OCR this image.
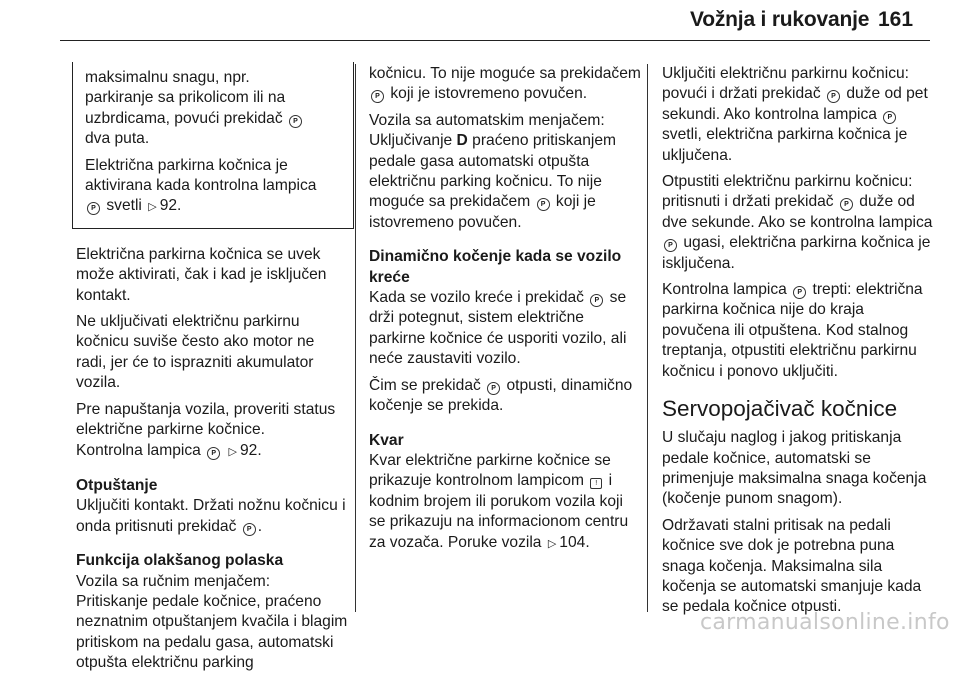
Vožnja i rukovanje 161

maksimalnu snagu, npr.
parkiranje sa prikolicom ili na
uzbrdicama, povući prekidač P
dva puta.

Električna parkirna kočnica je aktivirana kada kontrolna lampica
P svetli ▷ 92.

Električna parkirna kočnica se uvek može aktivirati, čak i kad je isključen kontakt.

Ne uključivati električnu parkirnu kočnicu suviše često ako motor ne radi, jer će to isprazniti akumulator vozila.

Pre napuštanja vozila, proveriti status električne parkirne kočnice.
Kontrolna lampica P ▷	92.

Otpuštanje

Uključiti kontakt. Držati nožnu kočnicu i onda pritisnuti prekidač P .

Funkcija olakšanog polaska

Vozila sa ručnim menjačem:

Pritiskanje pedale kočnice, praćeno neznatnim otpuštanjem kvačila i blagim pritiskom na pedalu gasa, automatski otpušta električnu parking

kočnicu. To nije moguće sa prekidačem P koji je istovremeno povučen.

Vozila sa automatskim menjačem: Uključivanje D praćeno pritiskanjem pedale gasa automatski otpušta električnu parking kočnicu. To nije moguće sa prekidačem P koji je istovremeno povučen.

Dinamično kočenje kada se vozilo kreće

Kada se vozilo kreće i prekidač P se drži potegnut, sistem električne parkirne kočnice će usporiti vozilo, ali neće zaustaviti vozilo.

Čim se prekidač P otpusti, dinamično kočenje se prekida.

Kvar

Kvar električne parkirne kočnice se prikazuje kontrolnom lampicom ! i kodnim brojem ili porukom vozila koji se prikazuju na informacionom centru za vozača. Poruke vozila ▷ 104.

Uključiti električnu parkirnu kočnicu: povući i držati prekidač P duže od pet sekundi. Ako kontrolna lampica P svetli, električna parkirna kočnica je uključena.

Otpustiti električnu parkirnu kočnicu: pritisnuti i držati prekidač P duže od dve sekunde. Ako se kontrolna lampica P ugasi, električna parkirna kočnica je isključena.

Kontrolna lampica P trepti: električna parkirna kočnica nije do kraja povučena ili otpuštena. Kod stalnog treptanja, otpustiti električnu parkirnu kočnicu i ponovo uključiti.

Servopojačivač kočnice

U slučaju naglog i jakog pritiskanja pedale kočnice, automatski se primenjuje maksimalna snaga kočenja (kočenje punom snagom).

Održavati stalni pritisak na pedali kočnice sve dok je potrebna puna snaga kočenja. Maksimalna sila kočenja se automatski smanjuje kada se pedala kočnice otpusti.

carmanualsonline.info
